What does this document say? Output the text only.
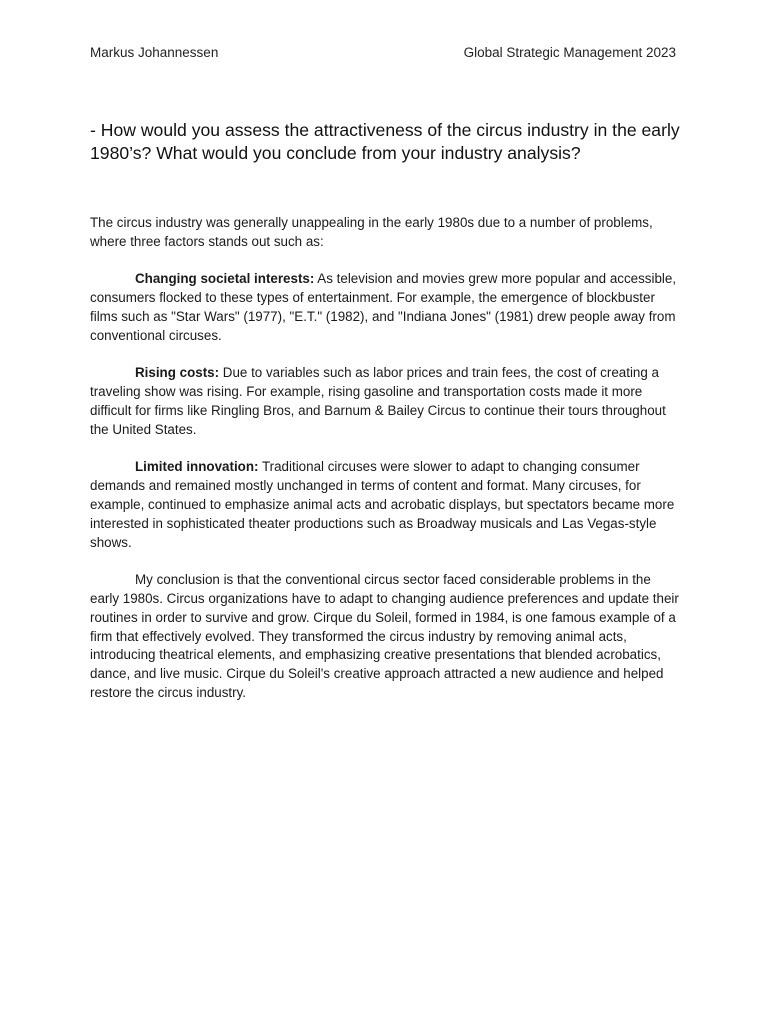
Markus Johannessen	Global Strategic Management 2023
- How would you assess the attractiveness of the circus industry in the early 1980’s? What would you conclude from your industry analysis?

The circus industry was generally unappealing in the early 1980s due to a number of problems, where three factors stands out such as:

Changing societal interests: As television and movies grew more popular and accessible, consumers flocked to these types of entertainment. For example, the emergence of blockbuster films such as "Star Wars" (1977), "E.T." (1982), and "Indiana Jones" (1981) drew people away from conventional circuses.

Rising costs: Due to variables such as labor prices and train fees, the cost of creating a traveling show was rising. For example, rising gasoline and transportation costs made it more difficult for firms like Ringling Bros, and Barnum & Bailey Circus to continue their tours throughout the United States.

Limited innovation: Traditional circuses were slower to adapt to changing consumer demands and remained mostly unchanged in terms of content and format. Many circuses, for example, continued to emphasize animal acts and acrobatic displays, but spectators became more interested in sophisticated theater productions such as Broadway musicals and Las Vegas-style shows.

My conclusion is that the conventional circus sector faced considerable problems in the early 1980s. Circus organizations have to adapt to changing audience preferences and update their routines in order to survive and grow. Cirque du Soleil, formed in 1984, is one famous example of a firm that effectively evolved. They transformed the circus industry by removing animal acts, introducing theatrical elements, and emphasizing creative presentations that blended acrobatics, dance, and live music. Cirque du Soleil's creative approach attracted a new audience and helped restore the circus industry.
